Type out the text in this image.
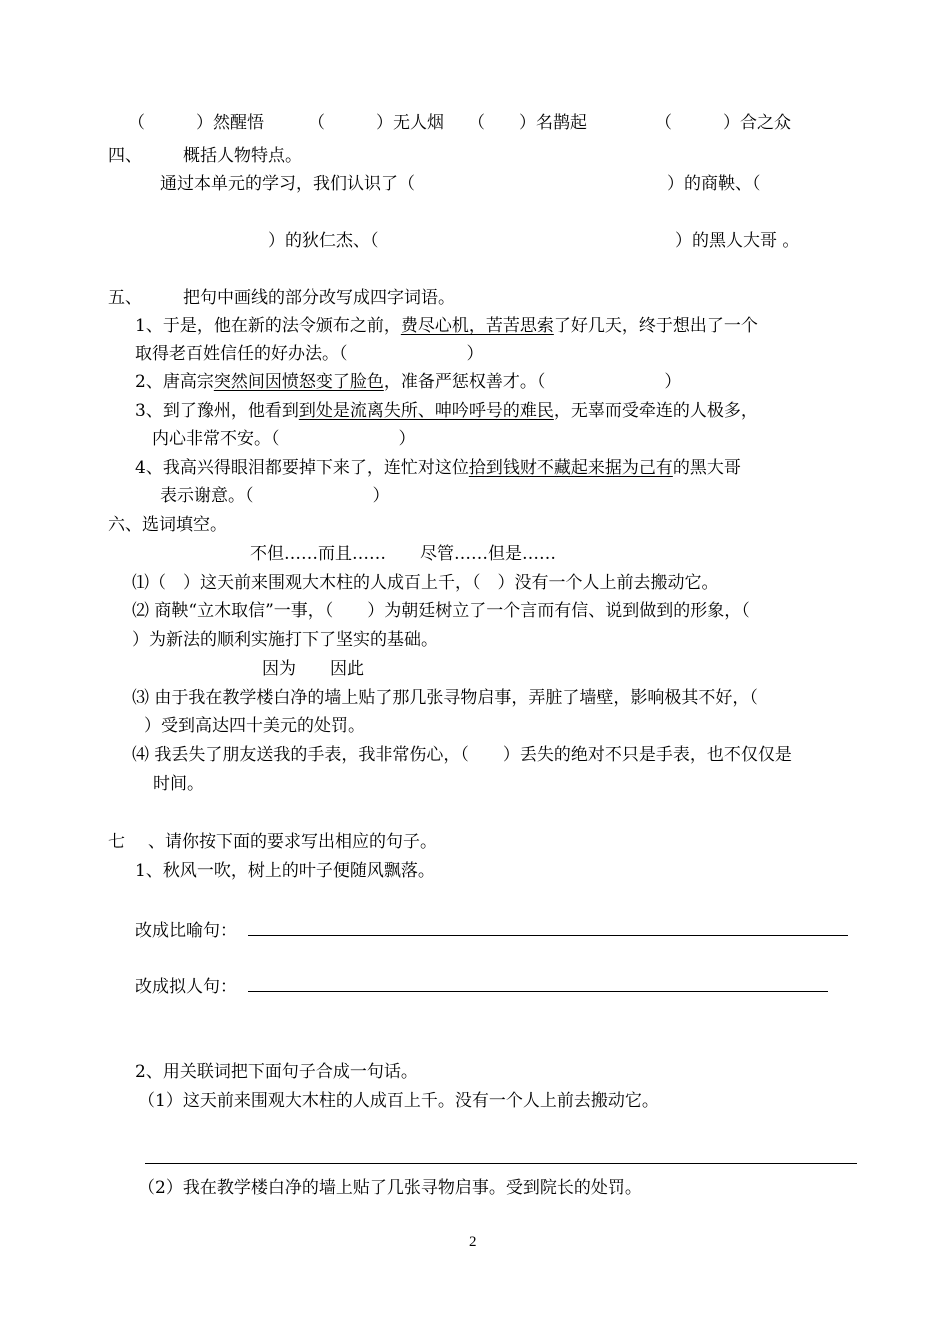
（　　　）然醒悟	（　　　）无人烟 （　　）名鹊起	（　　　）合之众
四、 概括人物特点。
通过本单元的学习，我们认识了（	）的商鞅、（
）的狄仁杰、（	）的黑人大哥 。
五、 把句中画线的部分改写成四字词语。
1、于是，他在新的法令颁布之前，费尽心机，苦苦思索了好几天，终于想出了一个
取得老百姓信任的好办法。（　　　　　　　）
2、唐高宗突然间因愤怒变了脸色，准备严惩权善才。（　　　　　　　）
3、到了豫州，他看到到处是流离失所、呻吟呼号的难民，无辜而受牵连的人极多，
内心非常不安。（　　　　　　　）
4、我高兴得眼泪都要掉下来了，连忙对这位拾到钱财不藏起来据为己有的黑大哥
表示谢意。（　　　　　　　）
六、选词填空。
不但……而且……　　尽管……但是……
⑴（　）这天前来围观大木柱的人成百上千，（　）没有一个人上前去搬动它。
⑵ 商鞅“立木取信”一事，（　　）为朝廷树立了一个言而有信、说到做到的形象，（
）为新法的顺利实施打下了坚实的基础。
因为　　因此
⑶ 由于我在教学楼白净的墙上贴了那几张寻物启事，弄脏了墙壁，影响极其不好，（
）受到高达四十美元的处罚。
⑷ 我丢失了朋友送我的手表，我非常伤心，（　　）丢失的绝对不只是手表，也不仅仅是
时间。
七 、请你按下面的要求写出相应的句子。
1、秋风一吹，树上的叶子便随风飘落。
改成比喻句：
改成拟人句：
2、用关联词把下面句子合成一句话。
（1）这天前来围观大木柱的人成百上千。没有一个人上前去搬动它。
（2）我在教学楼白净的墙上贴了几张寻物启事。受到院长的处罚。
2
